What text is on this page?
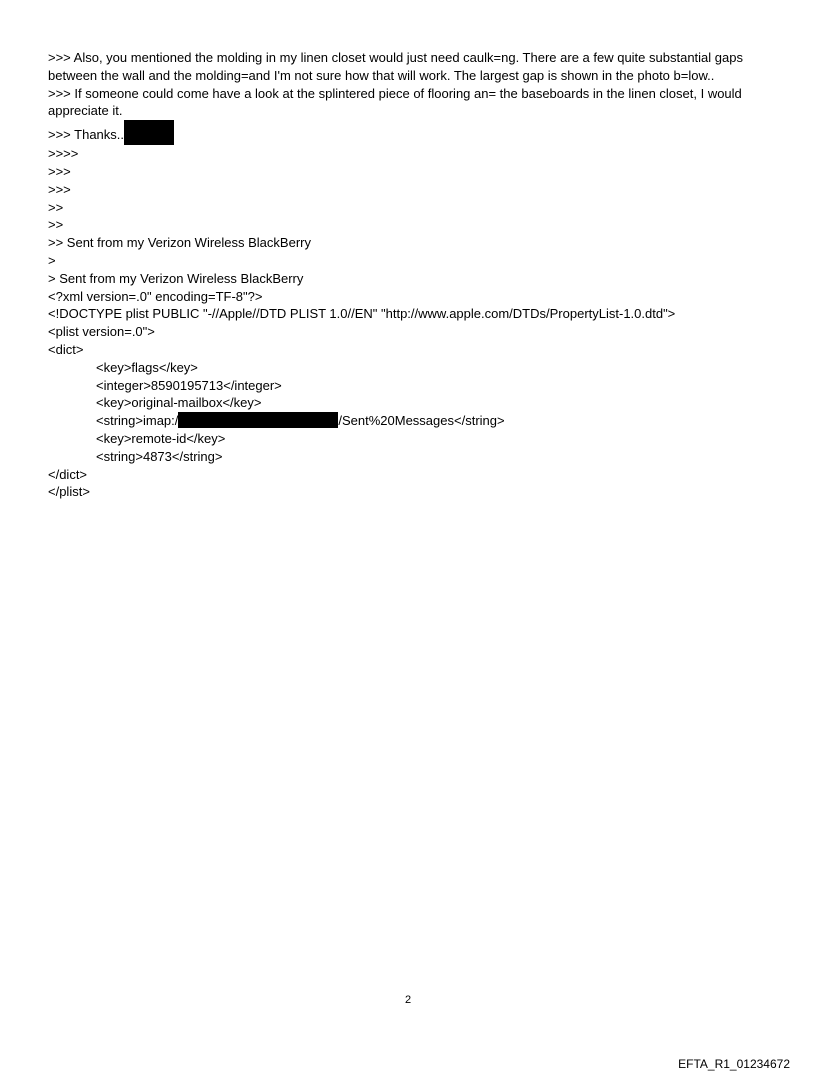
>>> Also, you mentioned the molding in my linen closet would just need caulk=ng. There are a few quite substantial gaps between the wall and the molding=and I'm not sure how that will work. The largest gap is shown in the photo b=low..
>>> If someone could come have a look at the splintered piece of flooring an= the baseboards in the linen closet, I would appreciate it.
>>> Thanks..
>>>>
>>>
>>>
>>
>>
>> Sent from my Verizon Wireless BlackBerry
>
> Sent from my Verizon Wireless BlackBerry
<?xml version=.0" encoding=TF-8"?>
<!DOCTYPE plist PUBLIC "-//Apple//DTD PLIST 1.0//EN" "http://www.apple.com/DTDs/PropertyList-1.0.dtd">
<plist version=.0">
<dict>
<key>flags</key>
<integer>8590195713</integer>
<key>original-mailbox</key>
<string>imap:/	/Sent%20Messages</string>
<key>remote-id</key>
<string>4873</string>
</dict>
</plist>
2
EFTA_R1_01234672
